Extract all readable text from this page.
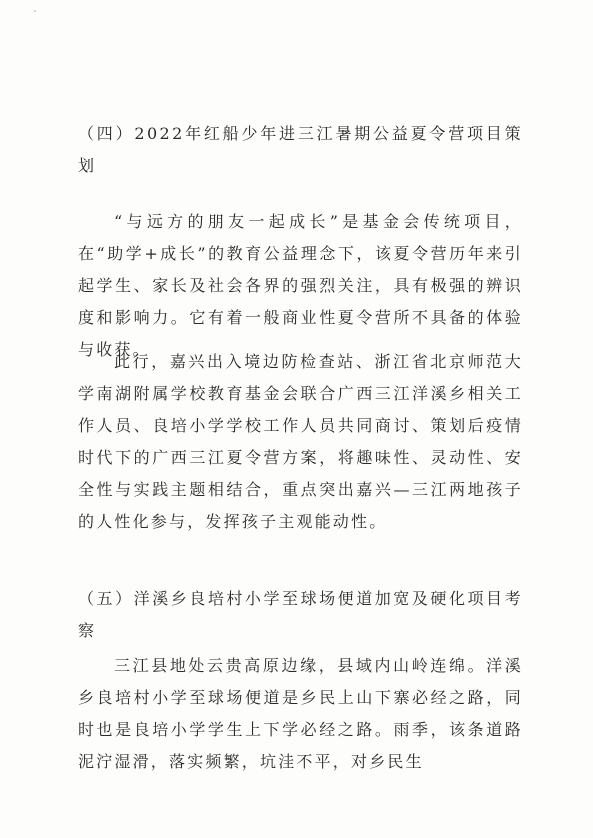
（四）2022年红船少年进三江暑期公益夏令营项目策划
“与远方的朋友一起成长”是基金会传统项目，在“助学+成长”的教育公益理念下，该夏令营历年来引起学生、家长及社会各界的强烈关注，具有极强的辨识度和影响力。它有着一般商业性夏令营所不具备的体验与收获。
此行，嘉兴出入境边防检查站、浙江省北京师范大学南湖附属学校教育基金会联合广西三江洋溪乡相关工作人员、良培小学学校工作人员共同商讨、策划后疫情时代下的广西三江夏令营方案，将趣味性、灵动性、安全性与实践主题相结合，重点突出嘉兴—三江两地孩子的人性化参与，发挥孩子主观能动性。
（五）洋溪乡良培村小学至球场便道加宽及硬化项目考察
三江县地处云贵高原边缘，县域内山岭连绵。洋溪乡良培村小学至球场便道是乡民上山下寨必经之路，同时也是良培小学学生上下学必经之路。雨季，该条道路泥泞湿滑，落实频繁，坑洼不平，对乡民生
